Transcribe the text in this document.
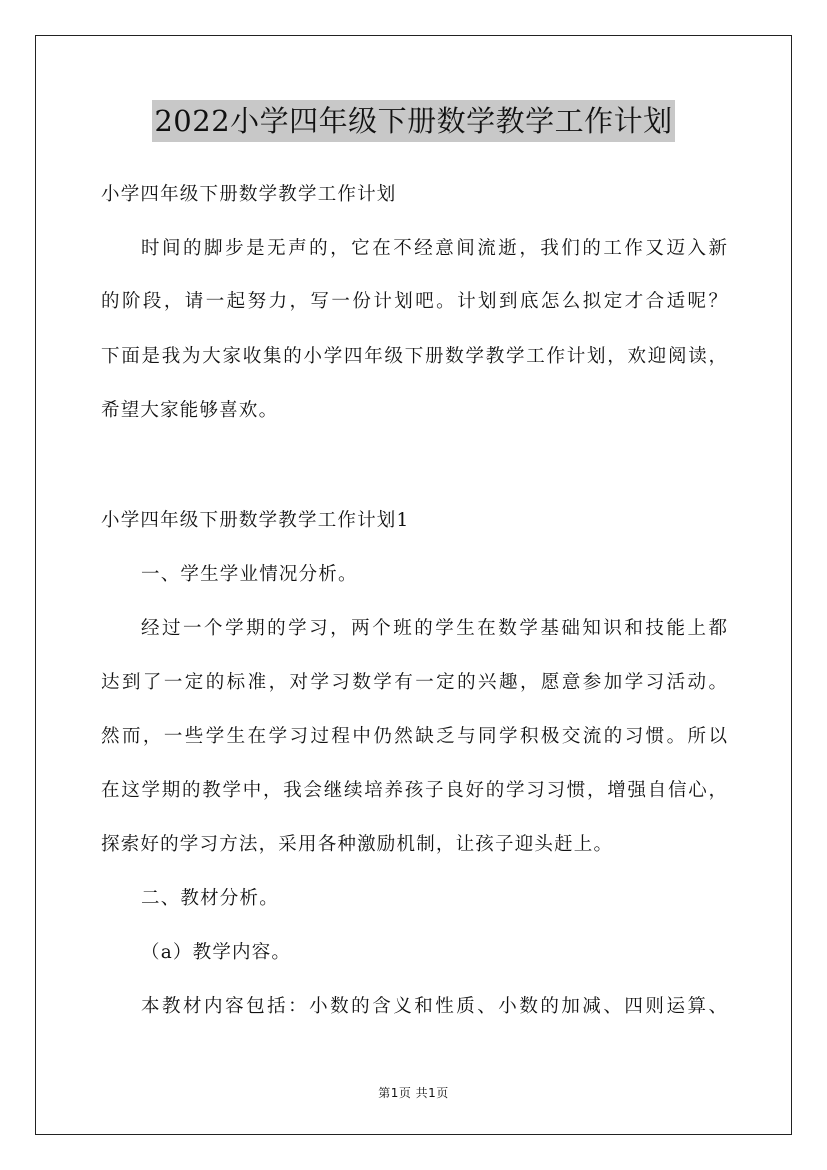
2022小学四年级下册数学教学工作计划
小学四年级下册数学教学工作计划
时间的脚步是无声的，它在不经意间流逝，我们的工作又迈入新
的阶段，请一起努力，写一份计划吧。计划到底怎么拟定才合适呢？
下面是我为大家收集的小学四年级下册数学教学工作计划，欢迎阅读，
希望大家能够喜欢。
小学四年级下册数学教学工作计划1
一、学生学业情况分析。
经过一个学期的学习，两个班的学生在数学基础知识和技能上都
达到了一定的标准，对学习数学有一定的兴趣，愿意参加学习活动。
然而，一些学生在学习过程中仍然缺乏与同学积极交流的习惯。所以
在这学期的教学中，我会继续培养孩子良好的学习习惯，增强自信心，
探索好的学习方法，采用各种激励机制，让孩子迎头赶上。
二、教材分析。
（a）教学内容。
本教材内容包括：小数的含义和性质、小数的加减、四则运算、
第1页 共1页
